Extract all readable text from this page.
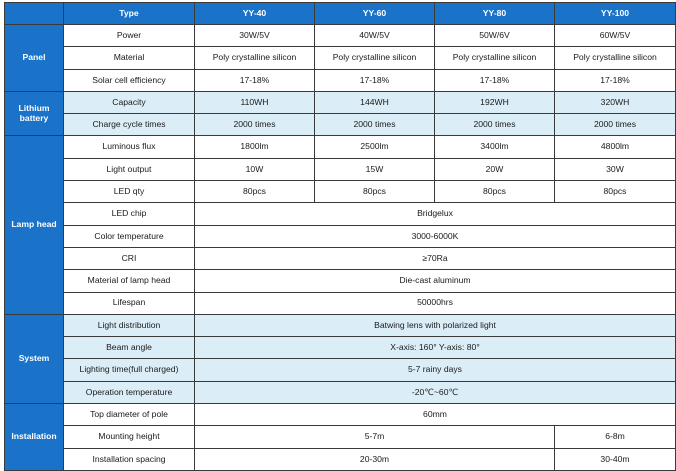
	Type	YY-40	YY-60	YY-80	YY-100
Panel	Power	30W/5V	40W/5V	50W/6V	60W/5V
	Material	Poly crystalline silicon	Poly crystalline silicon	Poly crystalline silicon	Poly crystalline silicon
	Solar cell efficiency	17-18%	17-18%	17-18%	17-18%
Lithium battery	Capacity	110WH	144WH	192WH	320WH
	Charge cycle times	2000 times	2000 times	2000 times	2000 times
Lamp head	Luminous flux	1800lm	2500lm	3400lm	4800lm
	Light output	10W	15W	20W	30W
	LED qty	80pcs	80pcs	80pcs	80pcs
	LED chip	Bridgelux			
	Color temperature	3000-6000K			
	CRI	≥70Ra			
	Material of lamp head	Die-cast aluminum			
	Lifespan	50000hrs			
System	Light distribution	Batwing lens with polarized light			
	Beam angle	X-axis: 160° Y-axis: 80°			
	Lighting time(full charged)	5-7 rainy days			
	Operation temperature	-20℃~60℃			
Installation	Top diameter of pole	60mm			
	Mounting height	5-7m			6-8m
	Installation spacing	20-30m			30-40m
